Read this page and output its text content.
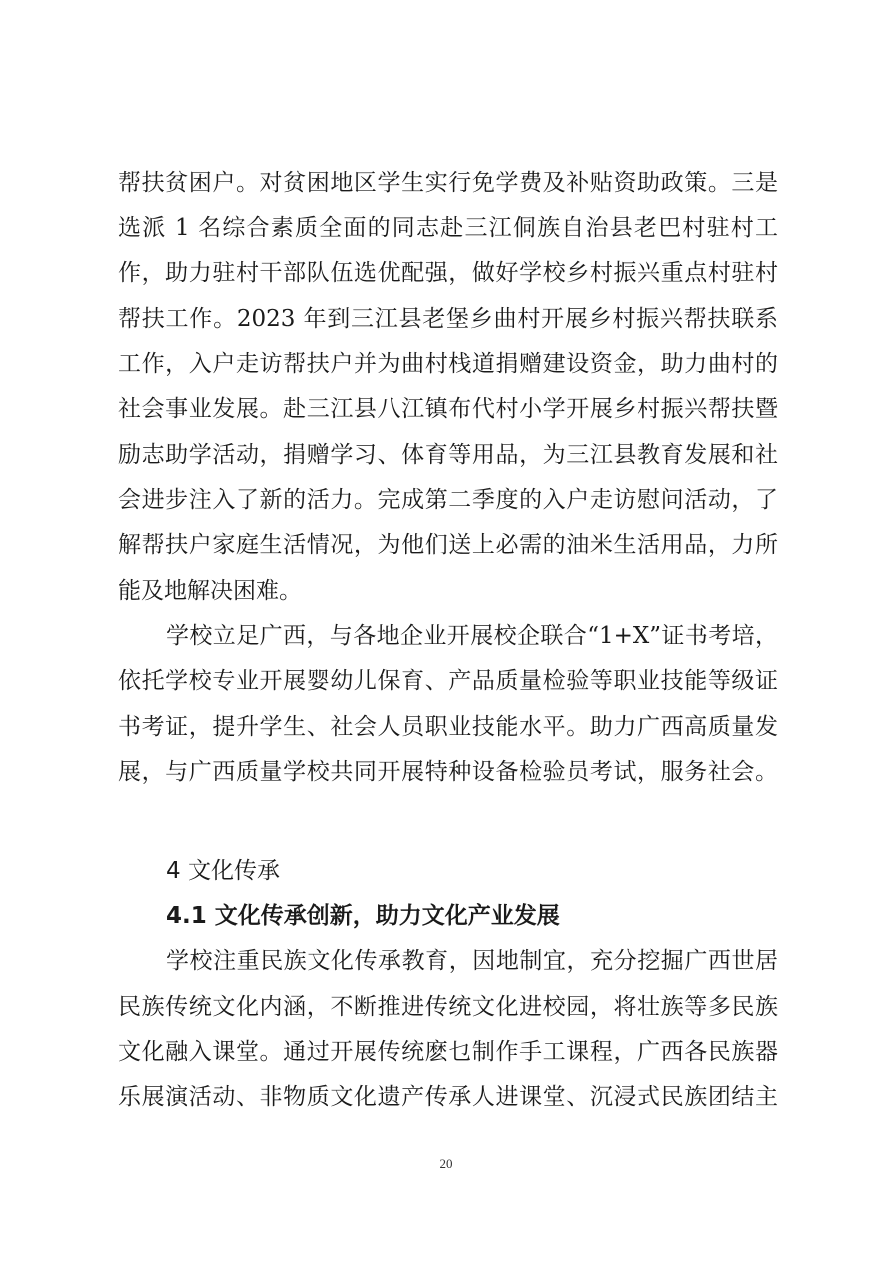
帮扶贫困户。对贫困地区学生实行免学费及补贴资助政策。三是
选派 1 名综合素质全面的同志赴三江侗族自治县老巴村驻村工
作，助力驻村干部队伍选优配强，做好学校乡村振兴重点村驻村
帮扶工作。2023 年到三江县老堡乡曲村开展乡村振兴帮扶联系
工作，入户走访帮扶户并为曲村栈道捐赠建设资金，助力曲村的
社会事业发展。赴三江县八江镇布代村小学开展乡村振兴帮扶暨
励志助学活动，捐赠学习、体育等用品，为三江县教育发展和社
会进步注入了新的活力。完成第二季度的入户走访慰问活动，了
解帮扶户家庭生活情况，为他们送上必需的油米生活用品，力所
能及地解决困难。
学校立足广西，与各地企业开展校企联合“1+X”证书考培，
依托学校专业开展婴幼儿保育、产品质量检验等职业技能等级证
书考证，提升学生、社会人员职业技能水平。助力广西高质量发
展，与广西质量学校共同开展特种设备检验员考试，服务社会。
4 文化传承
4.1 文化传承创新，助力文化产业发展
学校注重民族文化传承教育，因地制宜，充分挖掘广西世居
民族传统文化内涵，不断推进传统文化进校园，将壮族等多民族
文化融入课堂。通过开展传统麽乜制作手工课程，广西各民族器
乐展演活动、非物质文化遗产传承人进课堂、沉浸式民族团结主
20
